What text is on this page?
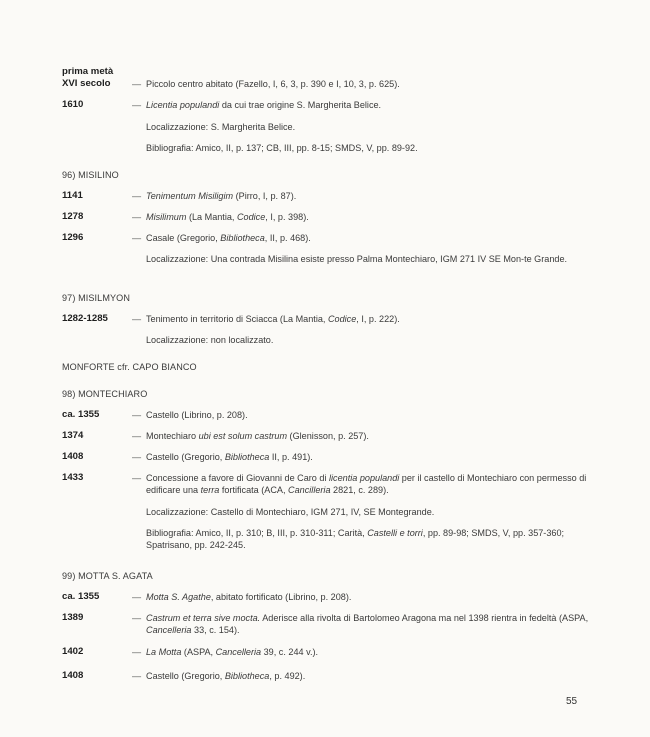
prima metà
XVI secolo	— Piccolo centro abitato (Fazello, I, 6, 3, p. 390 e I, 10, 3, p. 625).
1610	— Licentia populandi da cui trae origine S. Margherita Belice.
Localizzazione: S. Margherita Belice.
Bibliografia: Amico, II, p. 137; CB, III, pp. 8-15; SMDS, V, pp. 89-92.
96) MISILINO
1141	— Tenimentum Misiligim (Pirro, I, p. 87).
1278	— Misilimum (La Mantia, Codice, I, p. 398).
1296	— Casale (Gregorio, Bibliotheca, II, p. 468).
Localizzazione: Una contrada Misilina esiste presso Palma Montechiaro, IGM 271 IV SE Mon-te Grande.
97) MISILMYON
1282-1285	— Tenimento in territorio di Sciacca (La Mantia, Codice, I, p. 222).
Localizzazione: non localizzato.
MONFORTE cfr. CAPO BIANCO
98) MONTECHIARO
ca. 1355	— Castello (Librino, p. 208).
1374	— Montechiaro ubi est solum castrum (Glenisson, p. 257).
1408	— Castello (Gregorio, Bibliotheca II, p. 491).
1433	— Concessione a favore di Giovanni de Caro di licentia populandi per il castello di Montechiaro con permesso di edificare una terra fortificata (ACA, Cancilleria 2821, c. 289).
Localizzazione: Castello di Montechiaro, IGM 271, IV, SE Montegrande.
Bibliografia: Amico, II, p. 310; B, III, p. 310-311; Carità, Castelli e torri, pp. 89-98; SMDS, V, pp. 357-360; Spatrisano, pp. 242-245.
99) MOTTA S. AGATA
ca. 1355	— Motta S. Agathe, abitato fortificato (Librino, p. 208).
1389	— Castrum et terra sive mocta. Aderisce alla rivolta di Bartolomeo Aragona ma nel 1398 rientra in fedeltà (ASPA, Cancelleria 33, c. 154).
1402	— La Motta (ASPA, Cancelleria 39, c. 244 v.).
1408	— Castello (Gregorio, Bibliotheca, p. 492).
55
